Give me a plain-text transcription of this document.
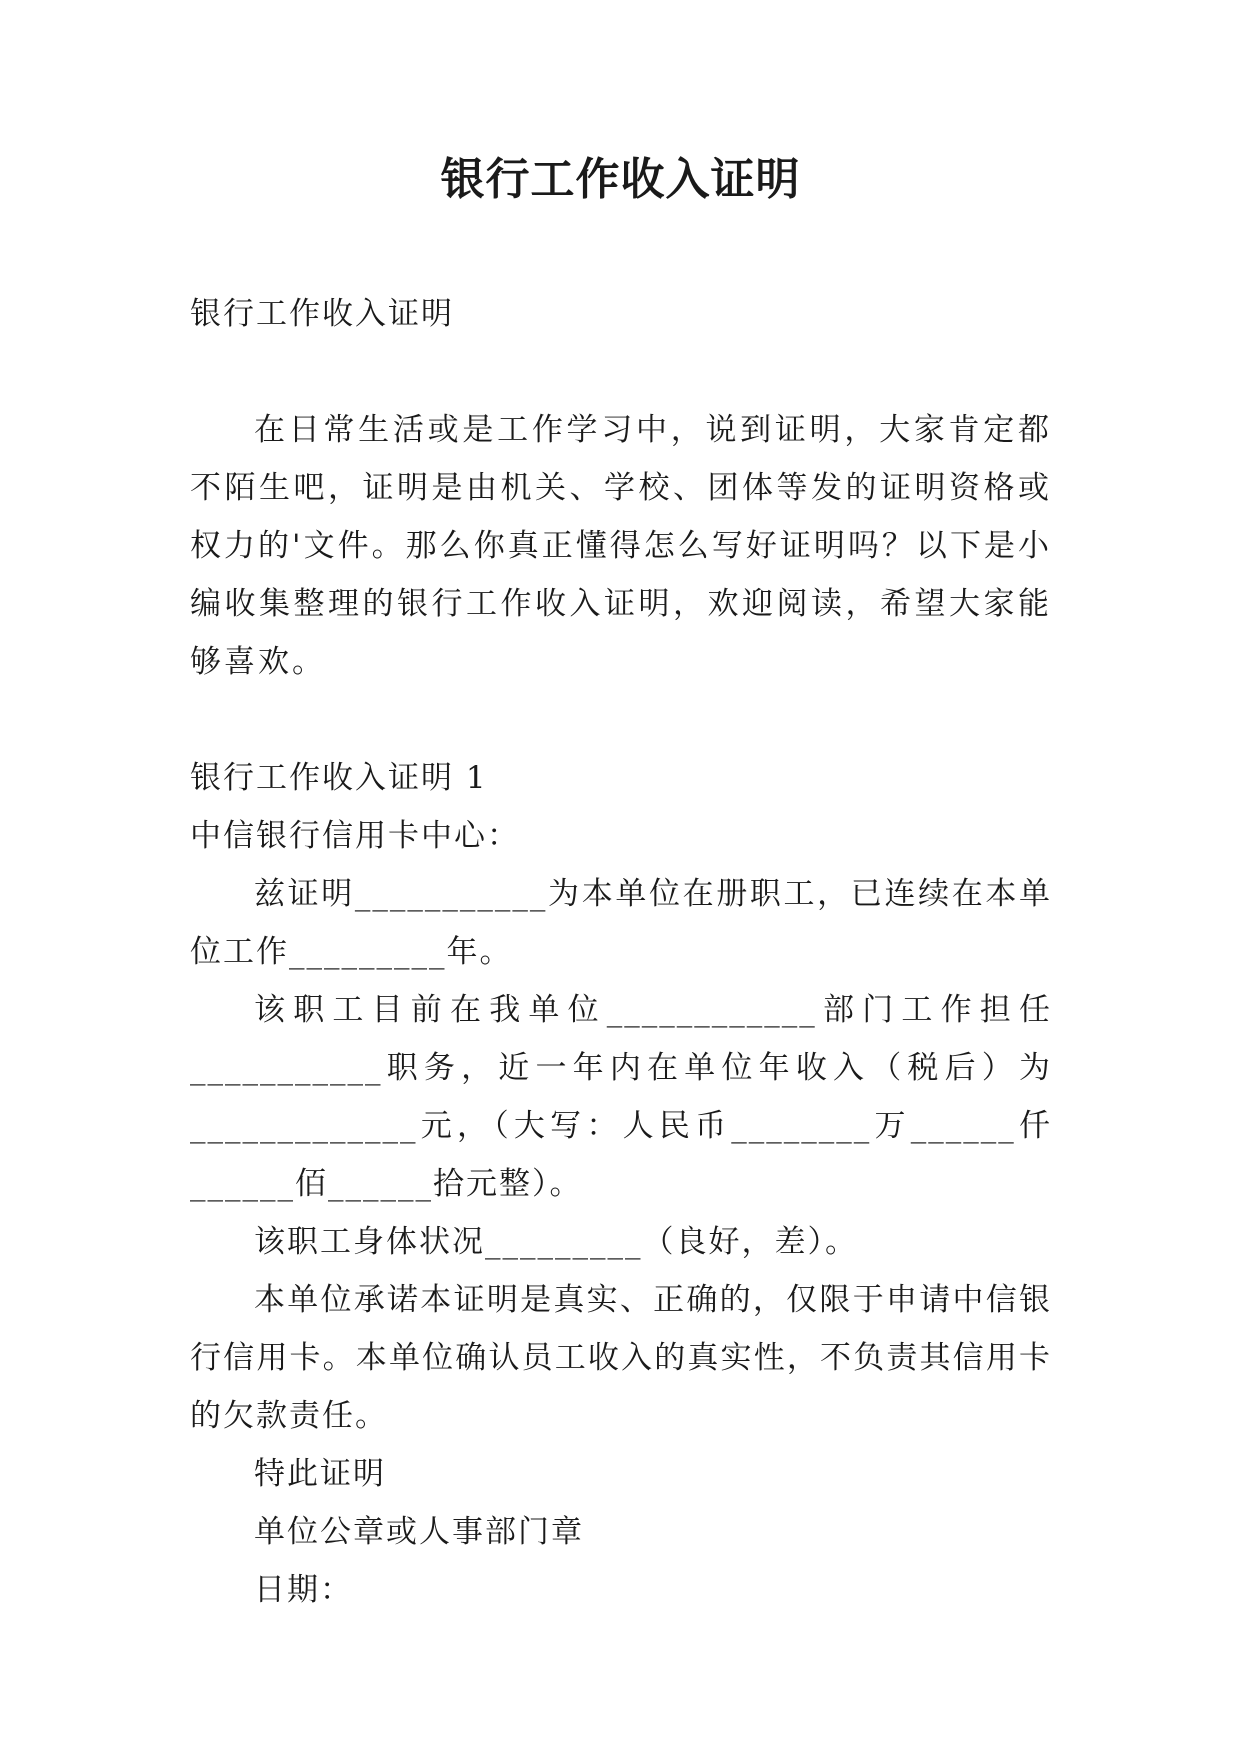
银行工作收入证明

银行工作收入证明

在日常生活或是工作学习中，说到证明，大家肯定都不陌生吧，证明是由机关、学校、团体等发的证明资格或权力的'文件。那么你真正懂得怎么写好证明吗？以下是小编收集整理的银行工作收入证明，欢迎阅读，希望大家能够喜欢。

银行工作收入证明 1

中信银行信用卡中心：

兹证明___________为本单位在册职工，已连续在本单位工作_________年。

该职工目前在我单位____________部门工作担任___________职务，近一年内在单位年收入（税后）为_____________元，（大写：人民币________万______仟______佰______拾元整）。

该职工身体状况_________（良好，差）。

本单位承诺本证明是真实、正确的，仅限于申请中信银行信用卡。本单位确认员工收入的真实性，不负责其信用卡的欠款责任。

特此证明

单位公章或人事部门章

日期：
